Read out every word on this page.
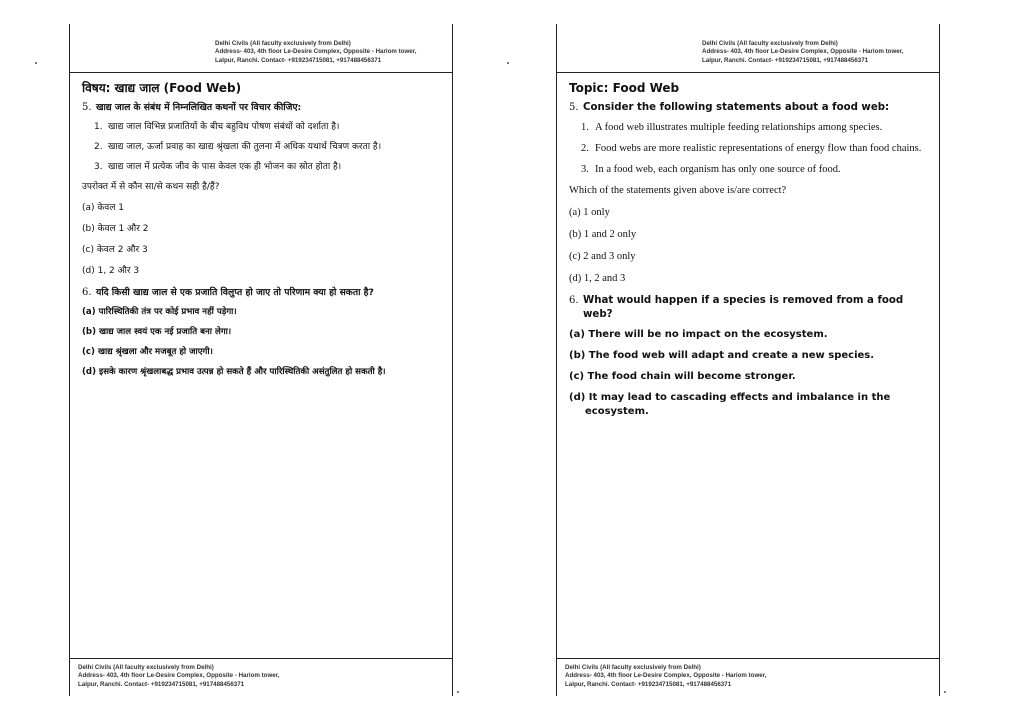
Delhi Civils (All faculty exclusively from Delhi)
Address- 403, 4th floor Le-Desire Complex, Opposite - Hariom tower,
Lalpur, Ranchi. Contact- +919234715081, +917488456371
विषय: खाद्य जाल (Food Web)
5. खाद्य जाल के संबंध में निम्नलिखित कथनों पर विचार कीजिए:
1. खाद्य जाल विभिन्न प्रजातियों के बीच बहुविध पोषण संबंधों को दर्शाता है।
2. खाद्य जाल, ऊर्जा प्रवाह का खाद्य श्रृंखला की तुलना में अधिक यथार्थ चित्रण करता है।
3. खाद्य जाल में प्रत्येक जीव के पास केवल एक ही भोजन का स्रोत होता है।
उपरोक्त में से कौन सा/से कथन सही है/हैं?
(a) केवल 1
(b) केवल 1 और 2
(c) केवल 2 और 3
(d) 1, 2 और 3
6. यदि किसी खाद्य जाल से एक प्रजाति विलुप्त हो जाए तो परिणाम क्या हो सकता है?
(a) पारिस्थितिकी तंत्र पर कोई प्रभाव नहीं पड़ेगा।
(b) खाद्य जाल स्वयं एक नई प्रजाति बना लेगा।
(c) खाद्य श्रृंखला और मजबूत हो जाएगी।
(d) इसके कारण श्रृंखलाबद्ध प्रभाव उत्पन्न हो सकते हैं और पारिस्थितिकी असंतुलित हो सकती है।
Delhi Civils (All faculty exclusively from Delhi)
Address- 403, 4th floor Le-Desire Complex, Opposite - Hariom tower,
Lalpur, Ranchi. Contact- +919234715081, +917488456371
Delhi Civils (All faculty exclusively from Delhi)
Address- 403, 4th floor Le-Desire Complex, Opposite - Hariom tower,
Lalpur, Ranchi. Contact- +919234715081, +917488456371
Topic: Food Web
5. Consider the following statements about a food web:
1. A food web illustrates multiple feeding relationships among species.
2. Food webs are more realistic representations of energy flow than food chains.
3. In a food web, each organism has only one source of food.
Which of the statements given above is/are correct?
(a) 1 only
(b) 1 and 2 only
(c) 2 and 3 only
(d) 1, 2 and 3
6. What would happen if a species is removed from a food web?
(a) There will be no impact on the ecosystem.
(b) The food web will adapt and create a new species.
(c) The food chain will become stronger.
(d) It may lead to cascading effects and imbalance in the
ecosystem.
Delhi Civils (All faculty exclusively from Delhi)
Address- 403, 4th floor Le-Desire Complex, Opposite - Hariom tower,
Lalpur, Ranchi. Contact- +919234715081, +917488456371
